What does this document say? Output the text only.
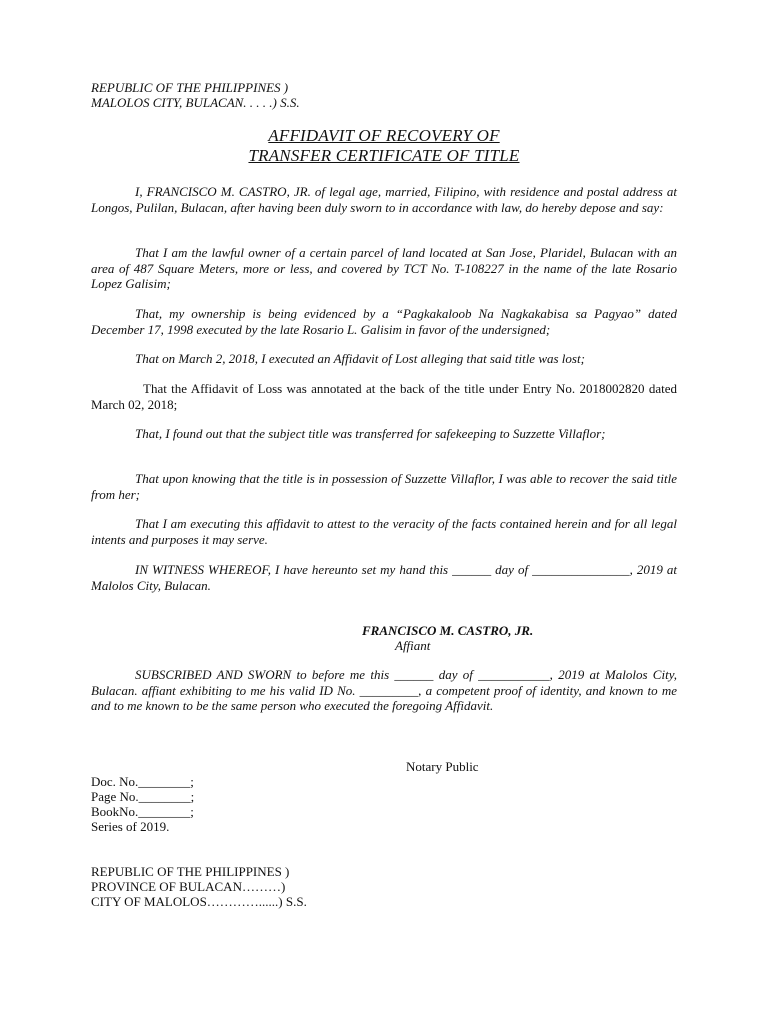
REPUBLIC OF THE PHILIPPINES )
MALOLOS CITY, BULACAN. . . . .) S.S.
AFFIDAVIT OF RECOVERY OF
TRANSFER CERTIFICATE OF TITLE
I, FRANCISCO M. CASTRO, JR. of legal age, married, Filipino, with residence and postal address at Longos, Pulilan, Bulacan, after having been duly sworn to in accordance with law, do hereby depose and say:
That I am the lawful owner of a certain parcel of land located at San Jose, Plaridel, Bulacan with an area of 487 Square Meters, more or less, and covered by TCT No. T-108227 in the name of the late Rosario Lopez Galisim;
That, my ownership is being evidenced by a “Pagkakaloob Na Nagkakabisa sa Pagyao” dated December 17, 1998 executed by the late Rosario L. Galisim in favor of the undersigned;
That on March 2, 2018, I executed an Affidavit of Lost alleging that said title was lost;
That the Affidavit of Loss was annotated at the back of the title under Entry No. 2018002820 dated March 02, 2018;
That, I found out that the subject title was transferred for safekeeping to Suzzette Villaflor;
That upon knowing that the title is in possession of Suzzette Villaflor, I was able to recover the said title from her;
That I am executing this affidavit to attest to the veracity of the facts contained herein and for all legal intents and purposes it may serve.
IN WITNESS WHEREOF, I have hereunto set my hand this ______ day of _______________, 2019 at Malolos City, Bulacan.
FRANCISCO M. CASTRO, JR.
Affiant
SUBSCRIBED AND SWORN to before me this ______ day of ___________, 2019 at Malolos City, Bulacan. affiant exhibiting to me his valid ID No. _________, a competent proof of identity, and known to me and to me known to be the same person who executed the foregoing Affidavit.
Notary Public
Doc. No.________;
Page No.________;
BookNo.________;
Series of 2019.
REPUBLIC OF THE PHILIPPINES )
PROVINCE OF BULACAN………)
CITY OF MALOLOS…………......) S.S.
